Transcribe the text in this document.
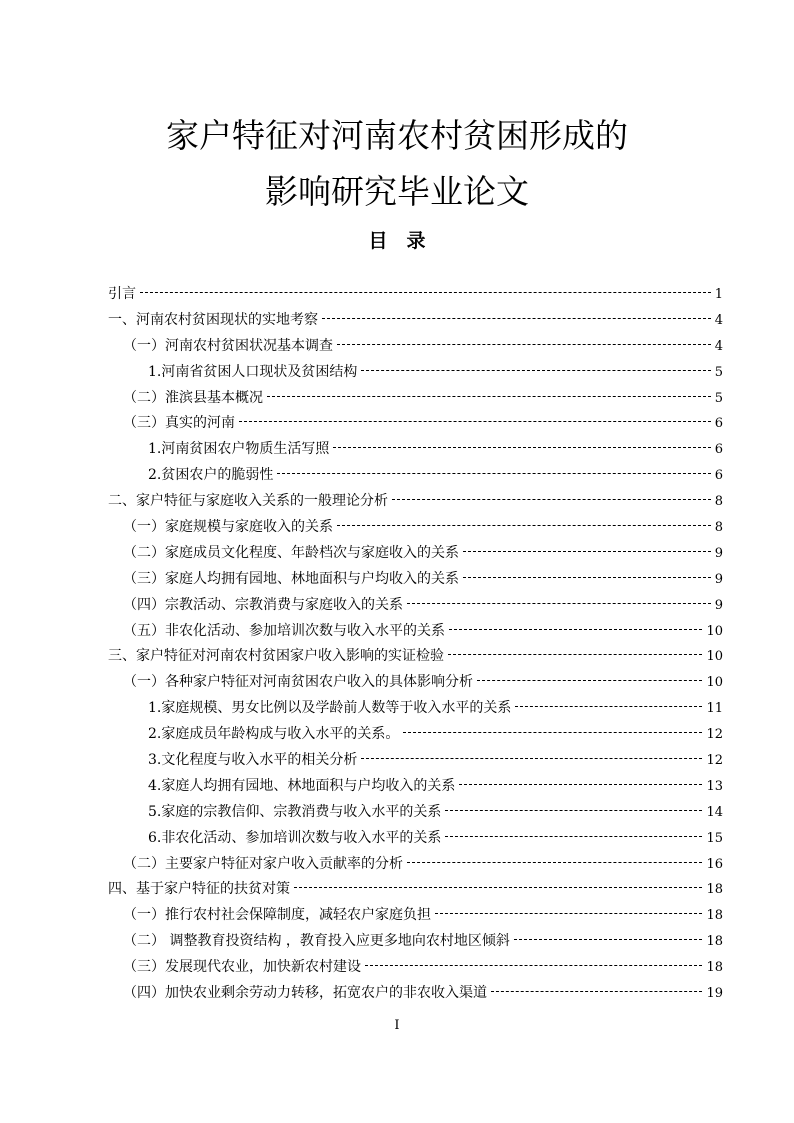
家户特征对河南农村贫困形成的
影响研究毕业论文
目　录
引言	1
一、河南农村贫困现状的实地考察	4
（一）河南农村贫困状况基本调查	4
1.河南省贫困人口现状及贫困结构	5
（二）淮滨县基本概况	5
（三）真实的河南	6
1.河南贫困农户物质生活写照	6
2.贫困农户的脆弱性	6
二、家户特征与家庭收入关系的一般理论分析	8
（一）家庭规模与家庭收入的关系	8
（二）家庭成员文化程度、年龄档次与家庭收入的关系	9
（三）家庭人均拥有园地、林地面积与户均收入的关系	9
（四）宗教活动、宗教消费与家庭收入的关系	9
（五）非农化活动、参加培训次数与收入水平的关系	10
三、家户特征对河南农村贫困家户收入影响的实证检验	10
（一）各种家户特征对河南贫困农户收入的具体影响分析	10
1.家庭规模、男女比例以及学龄前人数等于收入水平的关系	11
2.家庭成员年龄构成与收入水平的关系。	12
3.文化程度与收入水平的相关分析	12
4.家庭人均拥有园地、林地面积与户均收入的关系	13
5.家庭的宗教信仰、宗教消费与收入水平的关系	14
6.非农化活动、参加培训次数与收入水平的关系	15
（二）主要家户特征对家户收入贡献率的分析	16
四、基于家户特征的扶贫对策	18
（一）推行农村社会保障制度，减轻农户家庭负担	18
（二） 调整教育投资结构 ，教育投入应更多地向农村地区倾斜	18
（三）发展现代农业，加快新农村建设	18
（四）加快农业剩余劳动力转移，拓宽农户的非农收入渠道	19
I
